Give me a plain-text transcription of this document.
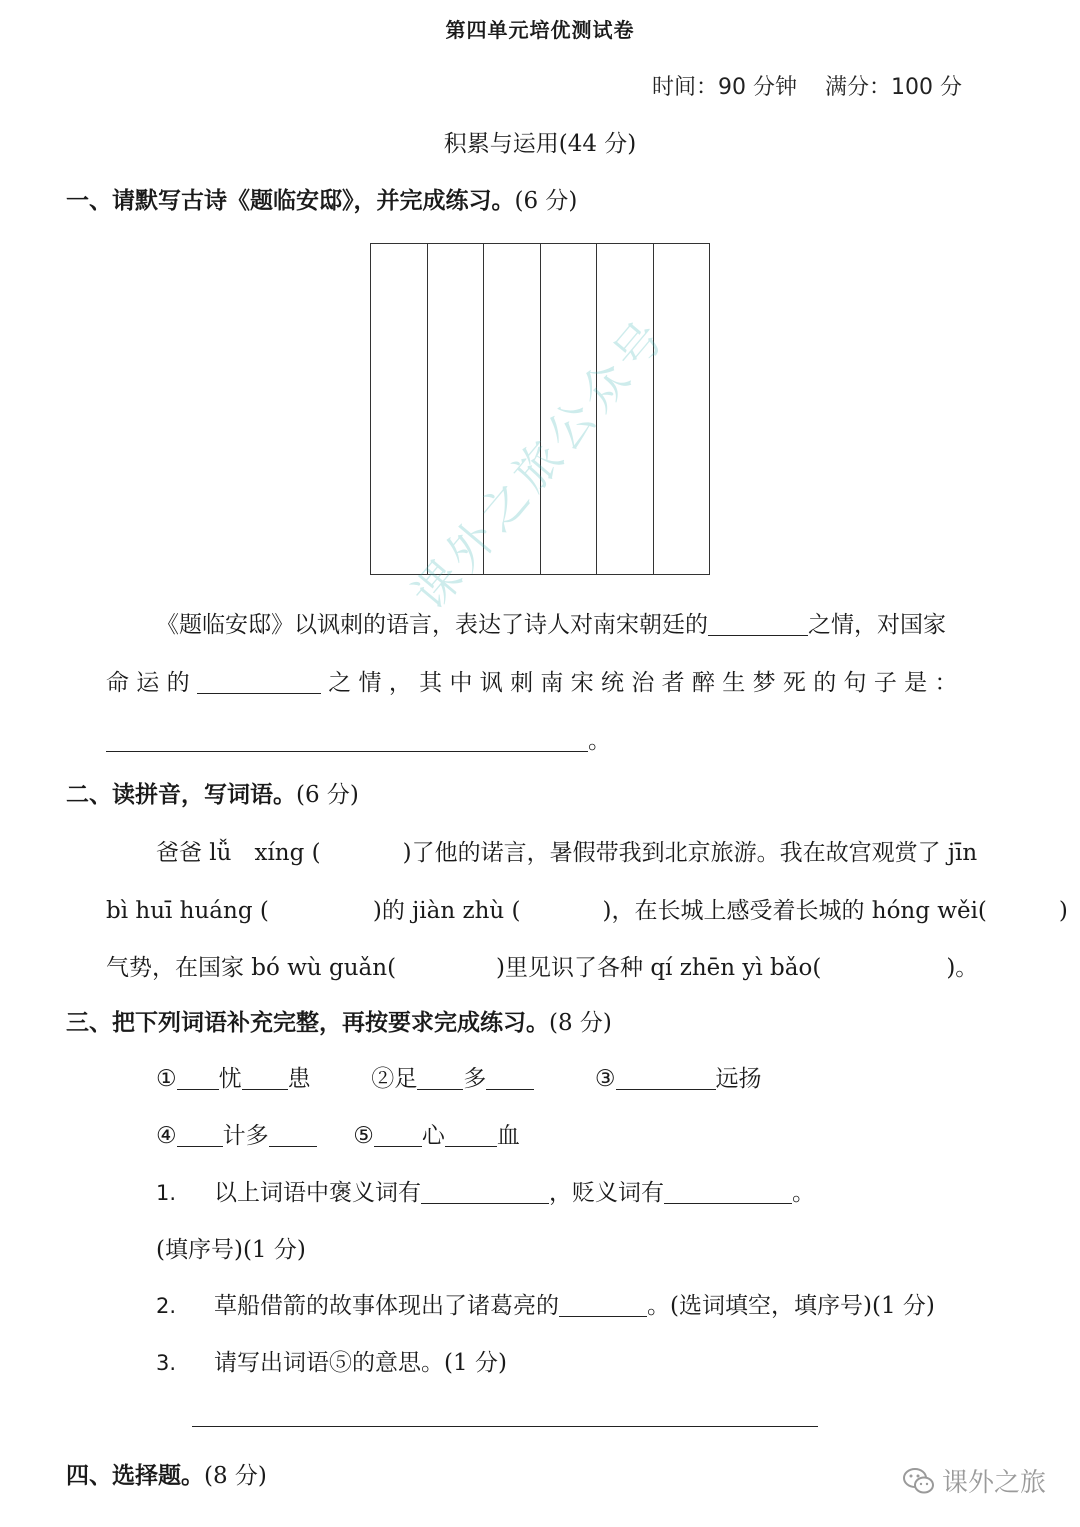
第四单元培优测试卷
时间：90 分钟 满分：100 分
积累与运用(44 分)
一、请默写古诗《题临安邸》，并完成练习。(6 分)
《题临安邸》以讽刺的语言，表达了诗人对南宋朝廷的	之情，对国家
命 运 的	之 情 ， 其 中 讽 刺 南 宋 统 治 者 醉 生 梦 死 的 句 子 是 ：
。
二、读拼音，写词语。(6 分)
爸爸 lǚ　xíng (	)了他的诺言，暑假带我到北京旅游。我在故宫观赏了 jīn
bì huī huáng (	)的 jiàn zhù (	)，在长城上感受着长城的 hóng wěi(	)
气势，在国家 bó wù guǎn(	)里见识了各种 qí zhēn yì bǎo(	)。
三、把下列词语补充完整，再按要求完成练习。(8 分)
① 忧 患	②足 多	③	远扬
④ 计多	⑤ 心 血
1. 以上词语中褒义词有	，贬义词有	。
(填序号)(1 分)
2. 草船借箭的故事体现出了诸葛亮的	。(选词填空，填序号)(1 分)
3. 请写出词语⑤的意思。(1 分)
四、选择题。(8 分)
课外之旅公众号
课外之旅
